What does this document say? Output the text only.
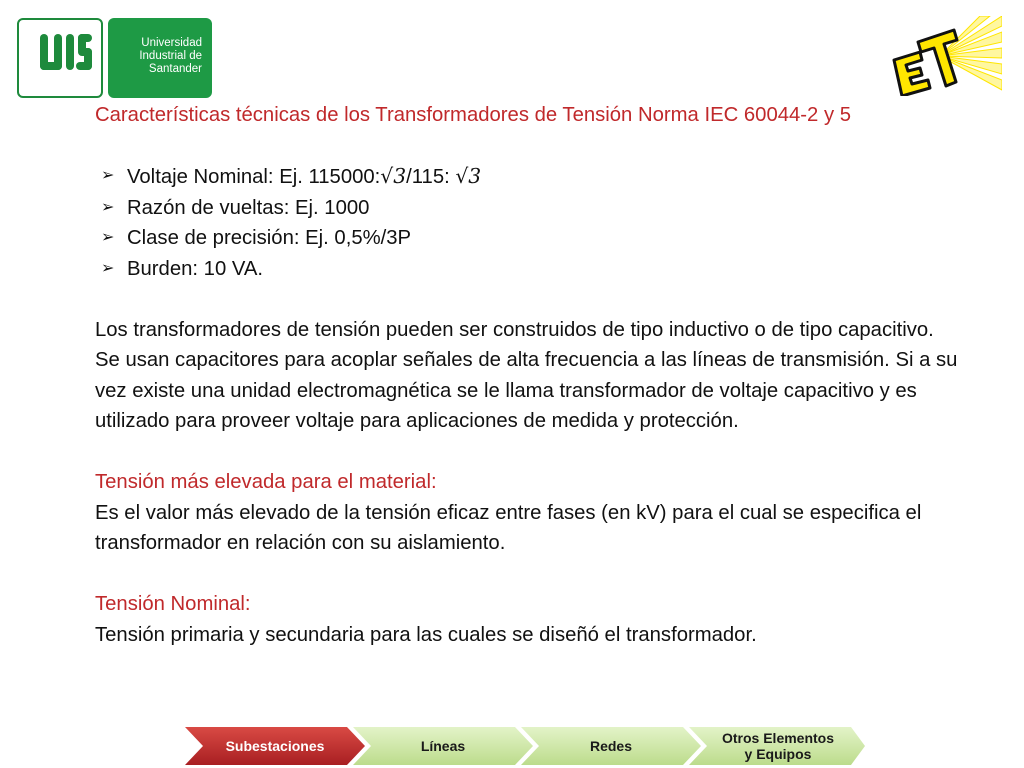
Universidad
Industrial de
Santander
Características técnicas de los Transformadores de Tensión Norma IEC 60044-2 y 5
➢ Voltaje Nominal: Ej. 115000:√3/115: √3
➢ Razón de vueltas: Ej. 1000
➢ Clase de precisión: Ej. 0,5%/3P
➢ Burden: 10 VA.
Los transformadores de tensión pueden ser construidos de tipo inductivo o de tipo capacitivo.
Se usan capacitores para acoplar señales de alta frecuencia a las líneas de transmisión. Si a su vez existe una unidad electromagnética se le llama transformador de voltaje capacitivo y es utilizado para proveer voltaje para aplicaciones de medida y protección.
Tensión más elevada para el material:
Es el valor más elevado de la tensión eficaz entre fases (en kV) para el cual se especifica el transformador en relación con su aislamiento.
Tensión Nominal:
Tensión primaria y secundaria para las cuales se diseñó el transformador.
Subestaciones	Líneas	Redes	Otros Elementos
y Equipos
